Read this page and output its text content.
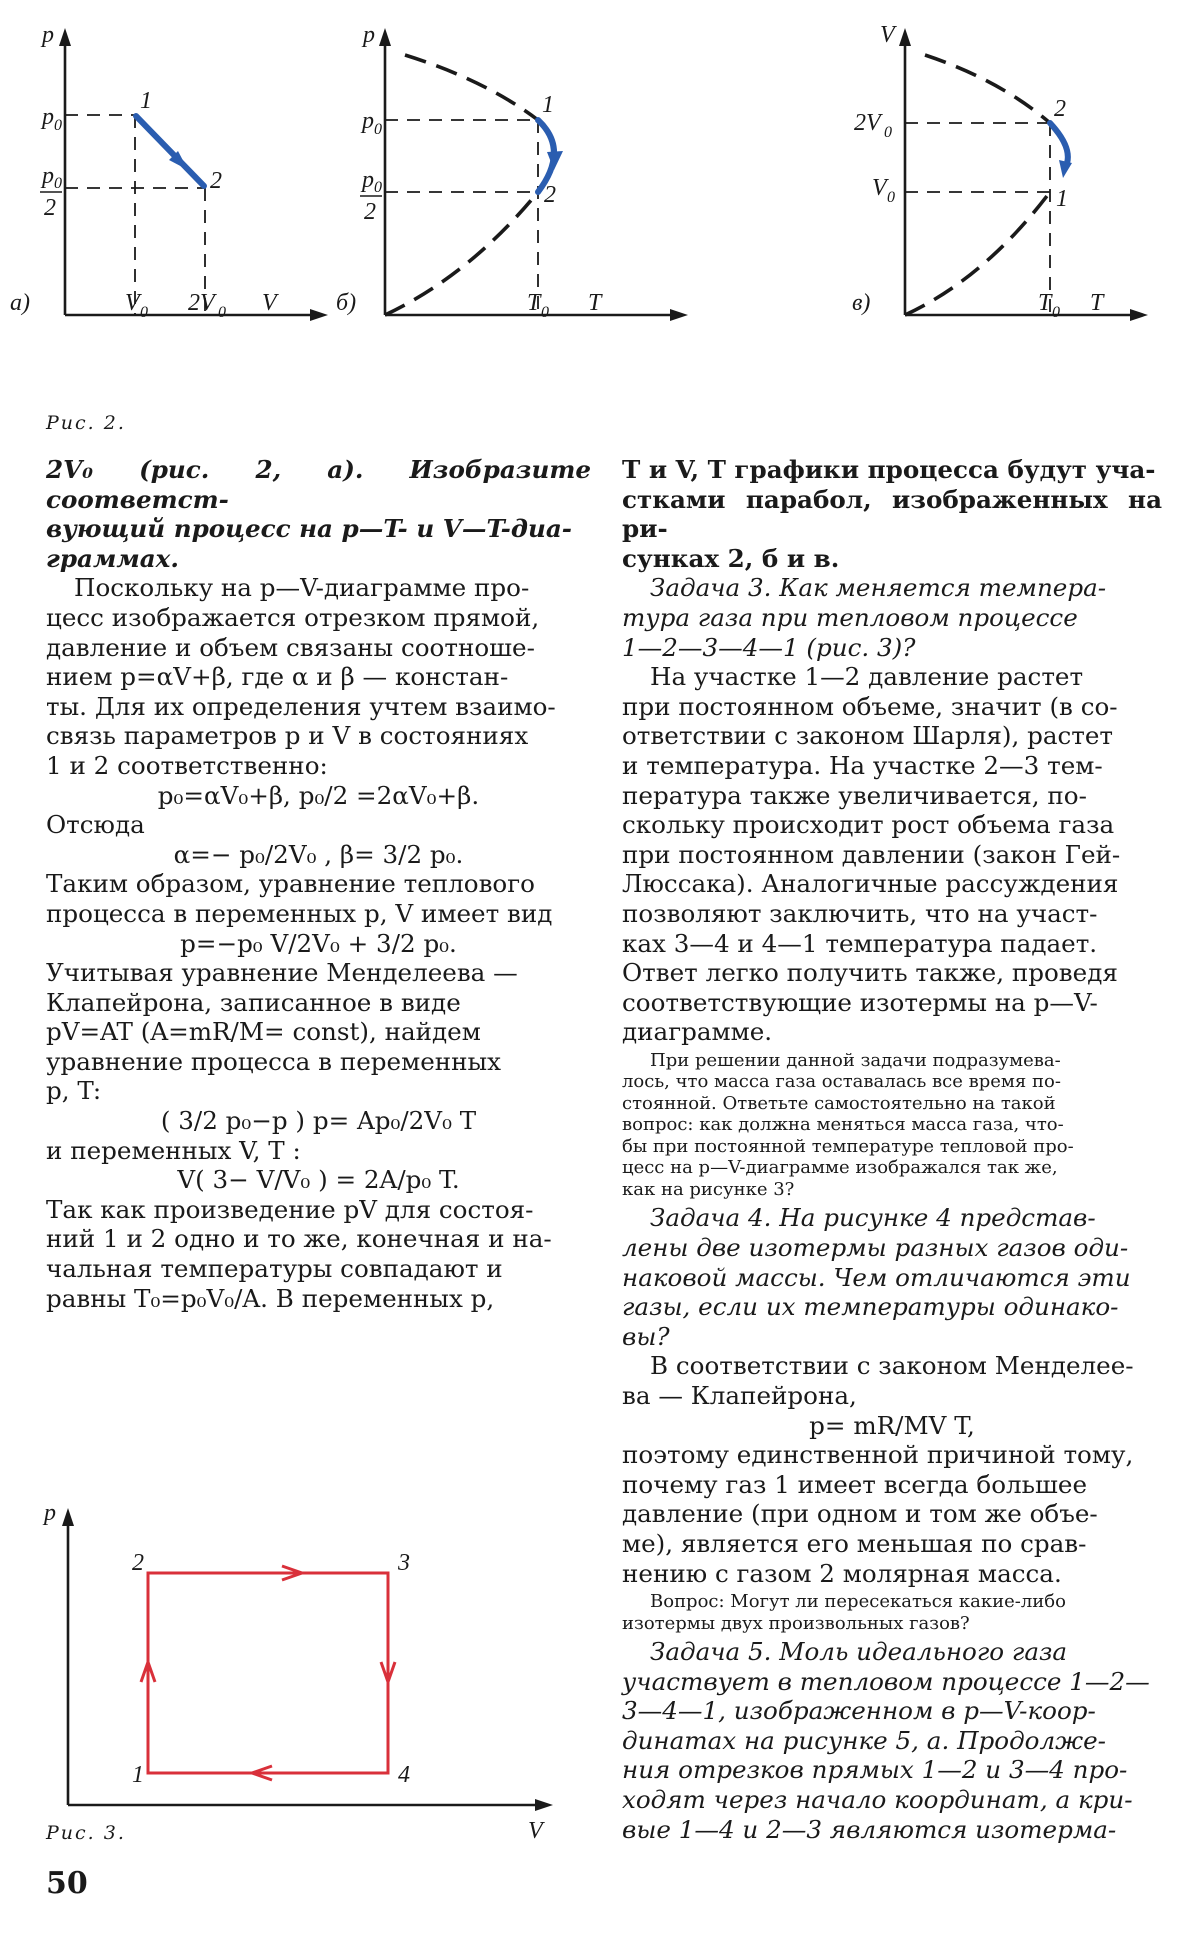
p
V
p 0
p 0
2
V 0 2V 0
1
2
а)
p
T
p 0
p 0
2
T 0
1
2
б)
V
T
2V 0
V 0
T 0
2
1
в)
Рис. 2.

2V₀ (рис. 2, а). Изобразите соответст-

вующий процесс на p—T- и V—T-диа-

граммах.

Поскольку на p—V-диаграмме про-

цесс изображается отрезком прямой,

давление и объем связаны соотноше-

нием p=αV+β, где α и β — констан-

ты. Для их определения учтем взаимо-

связь параметров p и V в состояниях

1 и 2 соответственно:

p₀=αV₀+β, p₀/2 =2αV₀+β.

Отсюда

α=− p₀/2V₀ , β= 3/2 p₀.

Таким образом, уравнение теплового

процесса в переменных p, V имеет вид

p=−p₀ V/2V₀ + 3/2 p₀.

Учитывая уравнение Менделеева —

Клапейрона, записанное в виде

pV=AT (A=mR/M= const), найдем

уравнение процесса в переменных

p, T:

( 3/2 p₀−p ) p= Ap₀/2V₀ T

и переменных V, T :

V( 3− V/V₀ ) = 2A/p₀ T.

Так как произведение pV для состоя-

ний 1 и 2 одно и то же, конечная и на-

чальная температуры совпадают и

равны T₀=p₀V₀/A. В переменных p,

p
V
1
2	3
4
Рис. 3.

T и V, T графики процесса будут уча-

стками парабол, изображенных на ри-

сунках 2, б и в.

Задача 3. Как меняется темпера-

тура газа при тепловом процессе

1—2—3—4—1 (рис. 3)?

На участке 1—2 давление растет

при постоянном объеме, значит (в со-

ответствии с законом Шарля), растет

и температура. На участке 2—3 тем-

пература также увеличивается, по-

скольку происходит рост объема газа

при постоянном давлении (закон Гей-

Люссака). Аналогичные рассуждения

позволяют заключить, что на участ-

ках 3—4 и 4—1 температура падает.

Ответ легко получить также, проведя

соответствующие изотермы на p—V-

диаграмме.

При решении данной задачи подразумева-

лось, что масса газа оставалась все время по-

стоянной. Ответьте самостоятельно на такой

вопрос: как должна меняться масса газа, что-

бы при постоянной температуре тепловой про-

цесс на p—V-диаграмме изображался так же,

как на рисунке 3?

Задача 4. На рисунке 4 представ-

лены две изотермы разных газов оди-

наковой массы. Чем отличаются эти

газы, если их температуры одинако-

вы?

В соответствии с законом Менделее-

ва — Клапейрона,

p= mR/MV T,

поэтому единственной причиной тому,

почему газ 1 имеет всегда большее

давление (при одном и том же объе-

ме), является его меньшая по срав-

нению с газом 2 молярная масса.

Вопрос: Могут ли пересекаться какие-либо

изотермы двух произвольных газов?

Задача 5. Моль идеального газа

участвует в тепловом процессе 1—2—

3—4—1, изображенном в p—V-коор-

динатах на рисунке 5, а. Продолже-

ния отрезков прямых 1—2 и 3—4 про-

ходят через начало координат, а кри-

вые 1—4 и 2—3 являются изотерма-

50
